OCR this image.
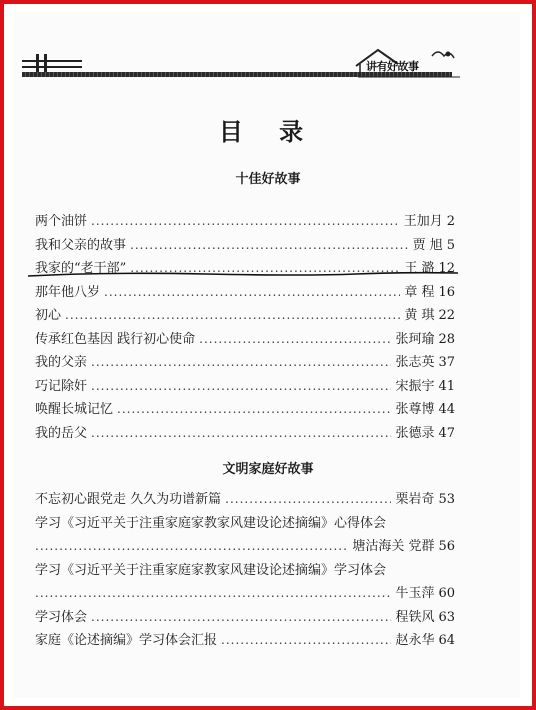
讲有好故事
目 录
十佳好故事
两个油饼 .....	王加月 2
我和父亲的故事 .....	贾 旭 5
我家的“老干部” .....	王 潞 12
那年他八岁 .....	章 程 16
初心 .....	黄 琪 22
传承红色基因 践行初心使命 .....	张珂瑜 28
我的父亲 .....	张志英 37
巧记除奸 .....	宋振宇 41
唤醒长城记忆 .....	张尊博 44
我的岳父 .....	张德录 47
文明家庭好故事
不忘初心跟党走 久久为功谱新篇 .....	栗岩奇 53
学习《习近平关于注重家庭家教家风建设论述摘编》心得体会
.....
塘沽海关 党群 56
学习《习近平关于注重家庭家教家风建设论述摘编》学习体会
.....
牛玉萍 60
学习体会 .....	程铁风 63
家庭《论述摘编》学习体会汇报 .....	赵永华 64
